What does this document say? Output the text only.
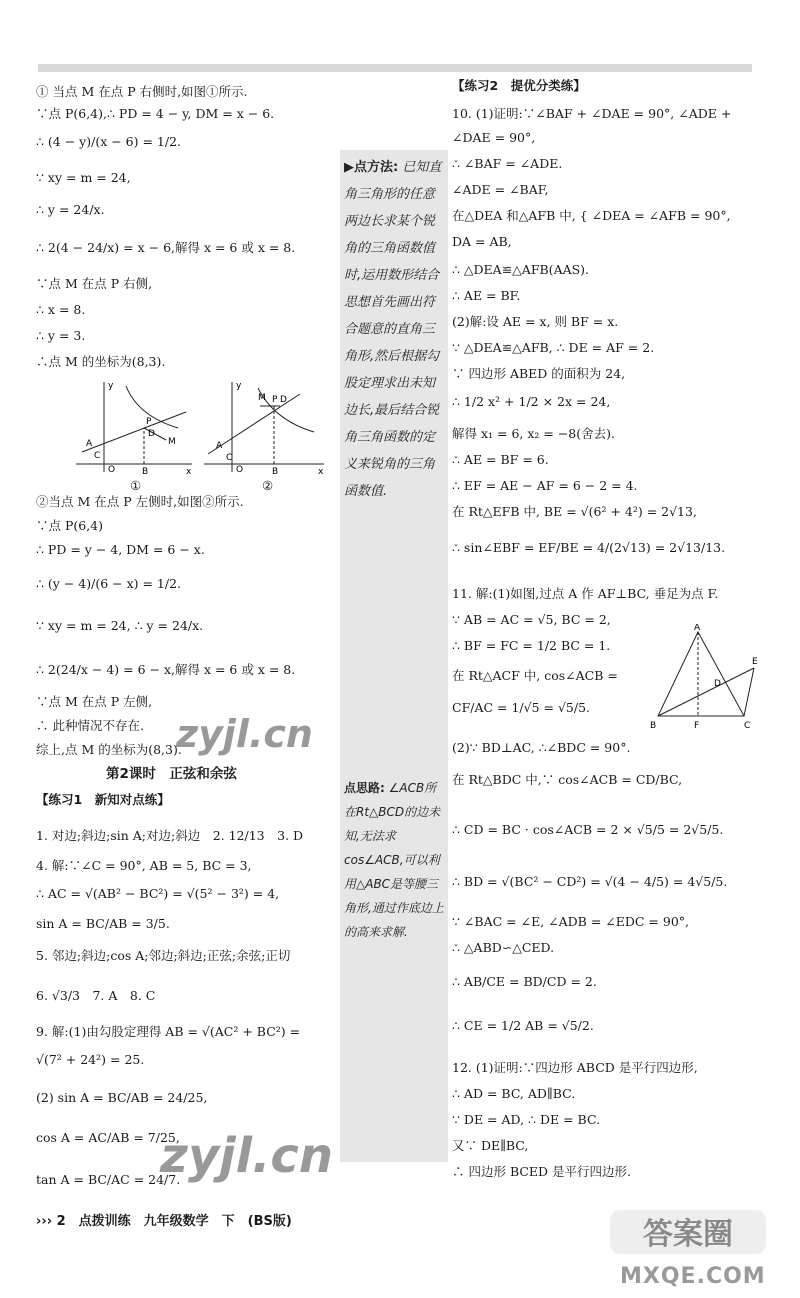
① 当点 M 在点 P 右侧时,如图①所示.
∵点 P(6,4),∴ PD = 4 − y, DM = x − 6.
∴ (4 − y)/(x − 6) = 1/2.
∵ xy = m = 24,
∴ y = 24/x.
∴ 2(4 − 24/x) = x − 6,解得 x = 6 或 x = 8.
∵点 M 在点 P 右侧,
∴ x = 8.
∴ y = 3.
∴点 M 的坐标为(8,3).
②当点 M 在点 P 左侧时,如图②所示.
∵点 P(6,4)
∴ PD = y − 4, DM = 6 − x.
∴ (y − 4)/(6 − x) = 1/2.
∵ xy = m = 24, ∴ y = 24/x.
∴ 2(24/x − 4) = 6 − x,解得 x = 6 或 x = 8.
∵点 M 在点 P 左侧,
∴ 此种情况不存在.
综上,点 M 的坐标为(8,3).
O
A
C
P
D
M
B	x
y
①
O
A
C
M P D
B	x
y
②
第2课时　正弦和余弦
【练习1　新知对点练】
1. 对边;斜边;sin A;对边;斜边　2. 12/13　3. D
4. 解:∵∠C = 90°, AB = 5, BC = 3,
∴ AC = √(AB² − BC²) = √(5² − 3²) = 4,
sin A = BC/AB = 3/5.
5. 邻边;斜边;cos A;邻边;斜边;正弦;余弦;正切
6. √3/3　7. A　8. C
9. 解:(1)由勾股定理得 AB = √(AC² + BC²) =
√(7² + 24²) = 25.
(2) sin A = BC/AB = 24/25,
cos A = AC/AB = 7/25,
tan A = BC/AC = 24/7.
▶点方法: 已知直角三角形的任意两边长求某个锐角的三角函数值时,运用数形结合思想首先画出符合题意的直角三角形,然后根据勾股定理求出未知边长,最后结合锐角三角函数的定义来锐角的三角函数值.
点思路: ∠ACB所在Rt△BCD的边未知,无法求cos∠ACB,可以利用△ABC是等腰三角形,通过作底边上的高来求解.
【练习2　提优分类练】
10. (1)证明:∵∠BAF + ∠DAE = 90°, ∠ADE +
∠DAE = 90°,
∴ ∠BAF = ∠ADE.
∠ADE = ∠BAF,
在△DEA 和△AFB 中, { ∠DEA = ∠AFB = 90°,
DA = AB,
∴ △DEA≌△AFB(AAS).
∴ AE = BF.
(2)解:设 AE = x, 则 BF = x.
∵ △DEA≌△AFB, ∴ DE = AF = 2.
∵ 四边形 ABED 的面积为 24,
∴ 1/2 x² + 1/2 × 2x = 24,
解得 x₁ = 6, x₂ = −8(舍去).
∴ AE = BF = 6.
∴ EF = AE − AF = 6 − 2 = 4.
在 Rt△EFB 中, BE = √(6² + 4²) = 2√13,
∴ sin∠EBF = EF/BE = 4/(2√13) = 2√13/13.
11. 解:(1)如图,过点 A 作 AF⊥BC, 垂足为点 F.
∵ AB = AC = √5, BC = 2,
∴ BF = FC = 1/2 BC = 1.
在 Rt△ACF 中, cos∠ACB =
CF/AC = 1/√5 = √5/5.
(2)∵ BD⊥AC, ∴∠BDC = 90°.
在 Rt△BDC 中,∵ cos∠ACB = CD/BC,
∴ CD = BC · cos∠ACB = 2 × √5/5 = 2√5/5.
∴ BD = √(BC² − CD²) = √(4 − 4/5) = 4√5/5.
∵ ∠BAC = ∠E, ∠ADB = ∠EDC = 90°,
∴ △ABD∽△CED.
∴ AB/CE = BD/CD = 2.
∴ CE = 1/2 AB = √5/2.
12. (1)证明:∵四边形 ABCD 是平行四边形,
∴ AD = BC, AD∥BC.
∵ DE = AD, ∴ DE = BC.
又∵ DE∥BC,
∴ 四边形 BCED 是平行四边形.
A
B	F	C
D
E
zyjl.cn
zyjl.cn
››› 2　点拨训练　九年级数学　下　(BS版)	答案圈
MXQE.COM
